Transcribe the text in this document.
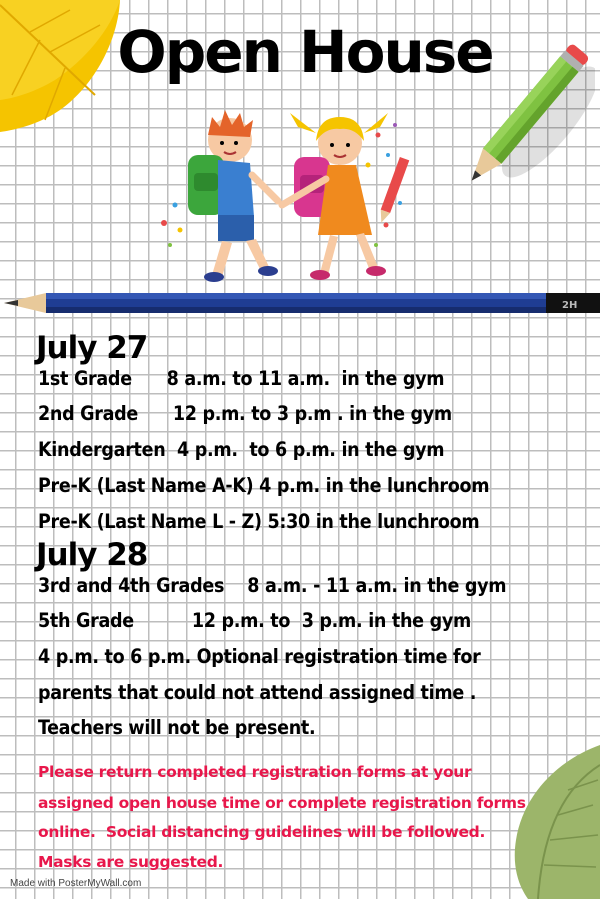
Open House
2H
July 27
1st Grade      8 a.m. to 11 a.m.  in the gym
2nd Grade      12 p.m. to 3 p.m . in the gym
Kindergarten  4 p.m.  to 6 p.m. in the gym
Pre-K (Last Name A-K) 4 p.m. in the lunchroom
Pre-K (Last Name L - Z) 5:30 in the lunchroom
July 28
3rd and 4th Grades    8 a.m. - 11 a.m. in the gym
5th Grade          12 p.m. to  3 p.m. in the gym
4 p.m. to 6 p.m. Optional registration time for
parents that could not attend assigned time .
Teachers will not be present.
Please return completed registration forms at your
assigned open house time or complete registration forms
online.  Social distancing guidelines will be followed.
Masks are suggested.
Made with PosterMyWall.com
